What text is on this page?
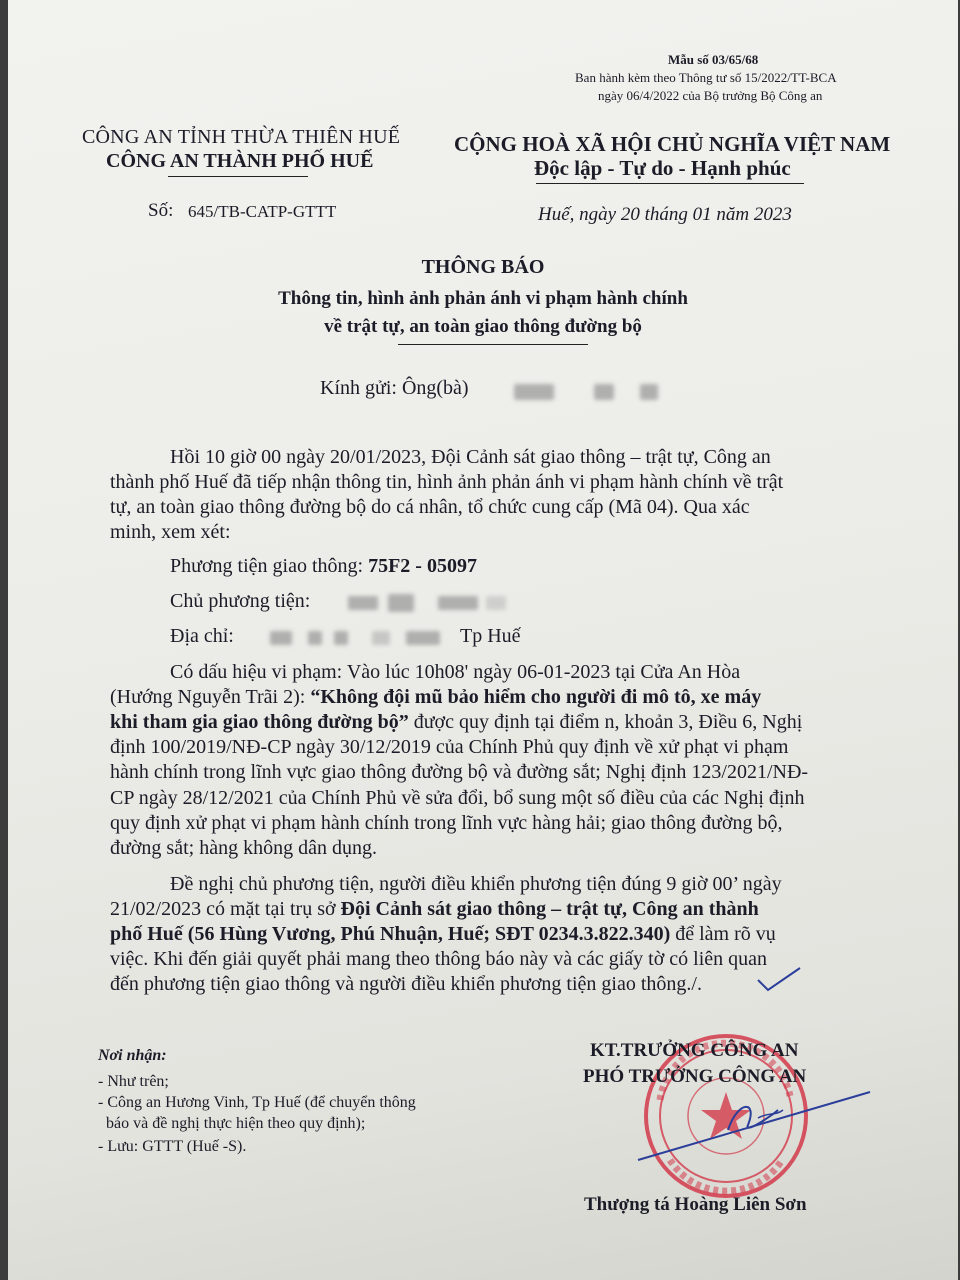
Mẫu số 03/65/68
Ban hành kèm theo Thông tư số 15/2022/TT-BCA
ngày 06/4/2022 của Bộ trưởng Bộ Công an
CÔNG AN TỈNH THỪA THIÊN HUẾ
CÔNG AN THÀNH PHỐ HUẾ
CỘNG HOÀ XÃ HỘI CHỦ NGHĨA VIỆT NAM
Độc lập - Tự do - Hạnh phúc
Số: 645/TB-CATP-GTTT	Huế, ngày 20 tháng 01 năm 2023
THÔNG BÁO
Thông tin, hình ảnh phản ánh vi phạm hành chính
về trật tự, an toàn giao thông đường bộ
Kính gửi: Ông(bà)
Hồi 10 giờ 00 ngày 20/01/2023, Đội Cảnh sát giao thông – trật tự, Công an
thành phố Huế đã tiếp nhận thông tin, hình ảnh phản ánh vi phạm hành chính về trật
tự, an toàn giao thông đường bộ do cá nhân, tổ chức cung cấp (Mã 04). Qua xác
minh, xem xét:
Phương tiện giao thông: 75F2 - 05097
Chủ phương tiện:
Địa chỉ:	Tp Huế
Có dấu hiệu vi phạm: Vào lúc 10h08' ngày 06-01-2023 tại Cửa An Hòa
(Hướng Nguyễn Trãi 2): “Không đội mũ bảo hiểm cho người đi mô tô, xe máy
khi tham gia giao thông đường bộ” được quy định tại điểm n, khoản 3, Điều 6, Nghị
định 100/2019/NĐ-CP ngày 30/12/2019 của Chính Phủ quy định về xử phạt vi phạm
hành chính trong lĩnh vực giao thông đường bộ và đường sắt; Nghị định 123/2021/NĐ-
CP ngày 28/12/2021 của Chính Phủ về sửa đổi, bổ sung một số điều của các Nghị định
quy định xử phạt vi phạm hành chính trong lĩnh vực hàng hải; giao thông đường bộ,
đường sắt; hàng không dân dụng.
Đề nghị chủ phương tiện, người điều khiển phương tiện đúng 9 giờ 00’ ngày
21/02/2023 có mặt tại trụ sở Đội Cảnh sát giao thông – trật tự, Công an thành
phố Huế (56 Hùng Vương, Phú Nhuận, Huế; SĐT 0234.3.822.340) để làm rõ vụ
việc. Khi đến giải quyết phải mang theo thông báo này và các giấy tờ có liên quan
đến phương tiện giao thông và người điều khiển phương tiện giao thông./.
Nơi nhận:
- Như trên;
- Công an Hương Vinh, Tp Huế (để chuyển thông
báo và đề nghị thực hiện theo quy định);
- Lưu: GTTT (Huế -S).
KT.TRƯỞNG CÔNG AN
PHÓ TRƯỞNG CÔNG AN
Thượng tá Hoàng Liên Sơn
